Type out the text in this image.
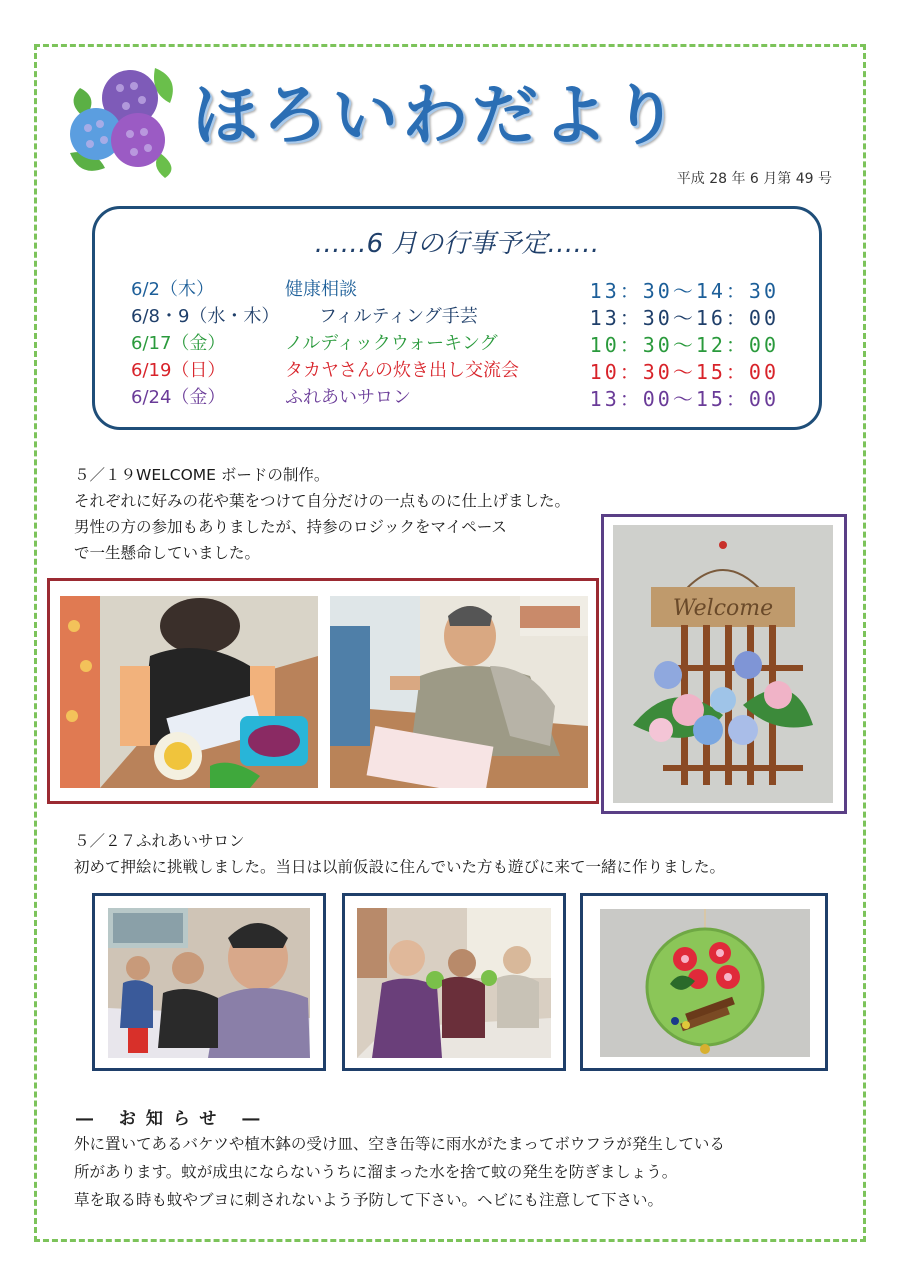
ほろいわだより
平成 28 年 6 月第 49 号
……6 月の行事予定……
6/2（木）	健康相談	13：30～14：30
6/8・9（水・木） フィルティング手芸	13：30～16：00
6/17（金）	ノルディックウォーキング	10：30～12：00
6/19（日）	タカヤさんの炊き出し交流会	10：30～15：00
6/24（金）	ふれあいサロン	13：00～15：00
５／１９WELCOME ボードの制作。
それぞれに好みの花や葉をつけて自分だけの一点ものに仕上げました。
男性の方の参加もありましたが、持参のロジックをマイペース
で一生懸命していました。
Welcome
５／２７ふれあいサロン
初めて押絵に挑戦しました。当日は以前仮設に住んでいた方も遊びに来て一緒に作りました。
― お知らせ ―
外に置いてあるバケツや植木鉢の受け皿、空き缶等に雨水がたまってボウフラが発生している
所があります。蚊が成虫にならないうちに溜まった水を捨て蚊の発生を防ぎましょう。
草を取る時も蚊やブヨに刺されないよう予防して下さい。ヘビにも注意して下さい。
